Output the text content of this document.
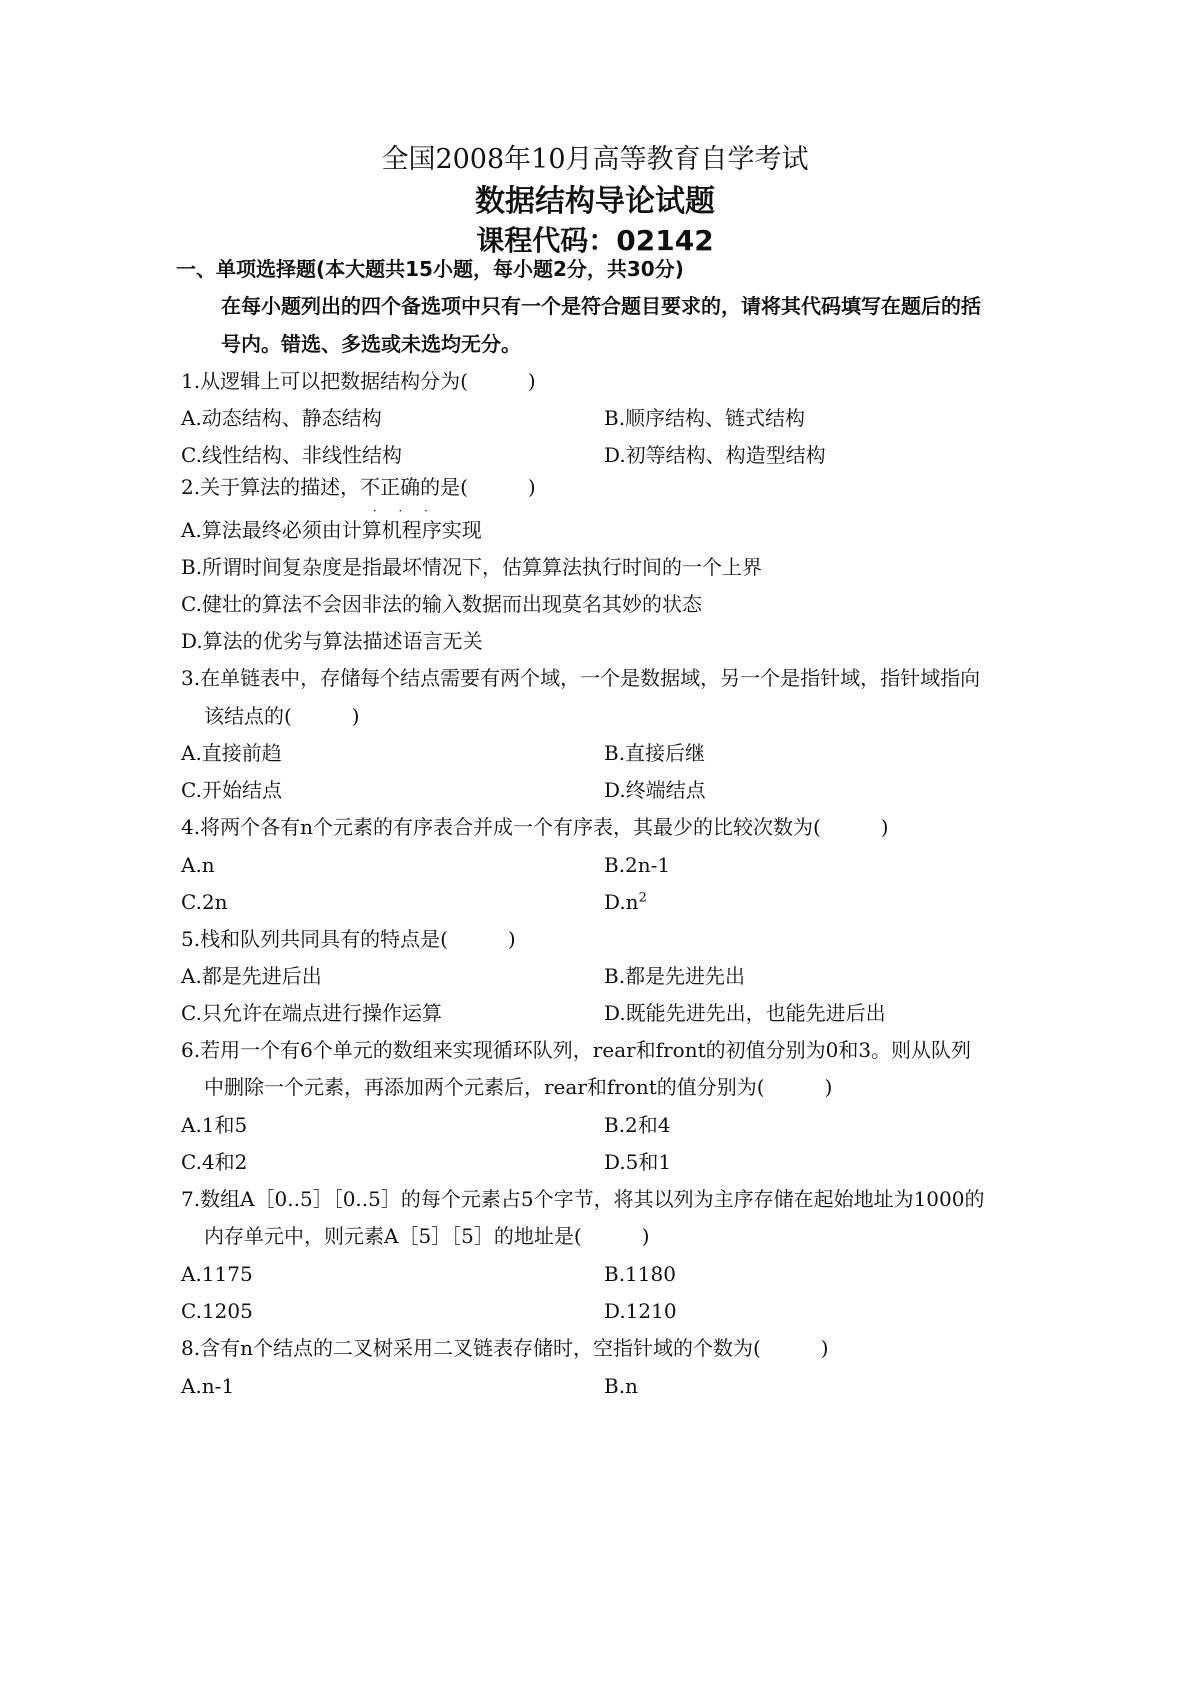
全国2008年10月高等教育自学考试
数据结构导论试题
课程代码：02142
一、单项选择题(本大题共15小题，每小题2分，共30分)
在每小题列出的四个备选项中只有一个是符合题目要求的，请将其代码填写在题后的括
号内。错选、多选或未选均无分。
1.从逻辑上可以把数据结构分为(　　　)
A.动态结构、静态结构	B.顺序结构、链式结构
C.线性结构、非线性结构	D.初等结构、构造型结构
2.关于算法的描述，不正确
· · ·
的是(　　　)
A.算法最终必须由计算机程序实现
B.所谓时间复杂度是指最坏情况下，估算算法执行时间的一个上界
C.健壮的算法不会因非法的输入数据而出现莫名其妙的状态
D.算法的优劣与算法描述语言无关
3.在单链表中，存储每个结点需要有两个域，一个是数据域，另一个是指针域，指针域指向
该结点的(　　　)
A.直接前趋	B.直接后继
C.开始结点	D.终端结点
4.将两个各有n个元素的有序表合并成一个有序表，其最少的比较次数为(　　　)
A.n	B.2n-1
C.2n	$D.n^2$
5.栈和队列共同具有的特点是(　　　)
A.都是先进后出	B.都是先进先出
C.只允许在端点进行操作运算	D.既能先进先出，也能先进后出
6.若用一个有6个单元的数组来实现循环队列，rear和front的初值分别为0和3。则从队列
中删除一个元素，再添加两个元素后，rear和front的值分别为(　　　)
A.1和5	B.2和4
C.4和2	D.5和1
7.数组A［0..5］［0..5］的每个元素占5个字节，将其以列为主序存储在起始地址为1000的
内存单元中，则元素A［5］［5］的地址是(　　　)
A.1175	B.1180
C.1205	D.1210
8.含有n个结点的二叉树采用二叉链表存储时，空指针域的个数为(　　　)
A.n-1	B.n
